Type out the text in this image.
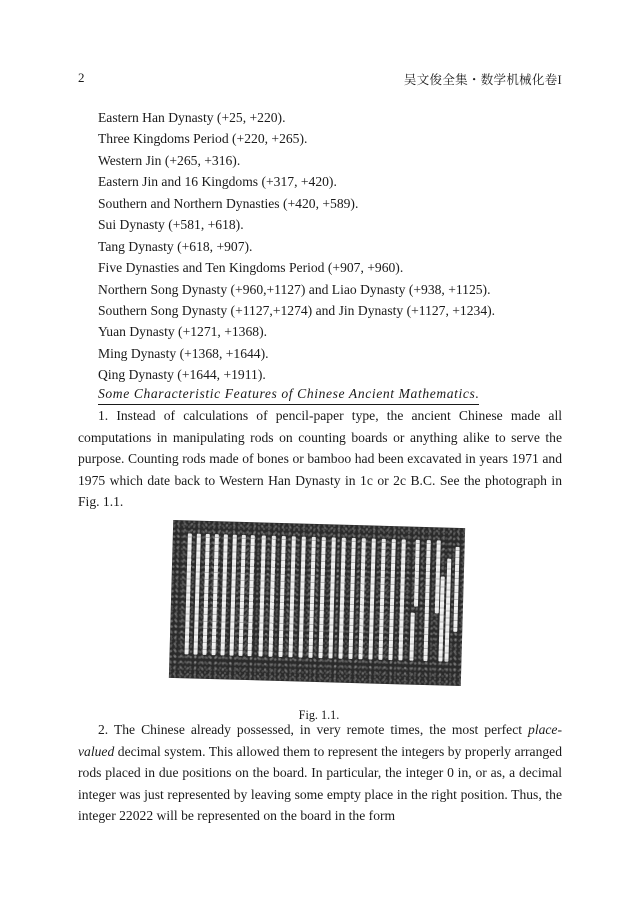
2	吴文俊全集・数学机械化卷I
Eastern Han Dynasty (+25, +220).
Three Kingdoms Period (+220, +265).
Western Jin (+265, +316).
Eastern Jin and 16 Kingdoms (+317, +420).
Southern and Northern Dynasties (+420, +589).
Sui Dynasty (+581, +618).
Tang Dynasty (+618, +907).
Five Dynasties and Ten Kingdoms Period (+907, +960).
Northern Song Dynasty (+960,+1127) and Liao Dynasty (+938, +1125).
Southern Song Dynasty (+1127,+1274) and Jin Dynasty (+1127, +1234).
Yuan Dynasty (+1271, +1368).
Ming Dynasty (+1368, +1644).
Qing Dynasty (+1644, +1911).
Some Characteristic Features of Chinese Ancient Mathematics.

1. Instead of calculations of pencil-paper type, the ancient Chinese made all computations in manipulating rods on counting boards or anything alike to serve the purpose. Counting rods made of bones or bamboo had been excavated in years 1971 and 1975 which date back to Western Han Dynasty in 1c or 2c B.C. See the photograph in Fig. 1.1.

Fig. 1.1.

2. The Chinese already possessed, in very remote times, the most perfect place-valued decimal system. This allowed them to represent the integers by properly arranged rods placed in due positions on the board. In particular, the integer 0 in, or as, a decimal integer was just represented by leaving some empty place in the right position. Thus, the integer 22022 will be represented on the board in the form
